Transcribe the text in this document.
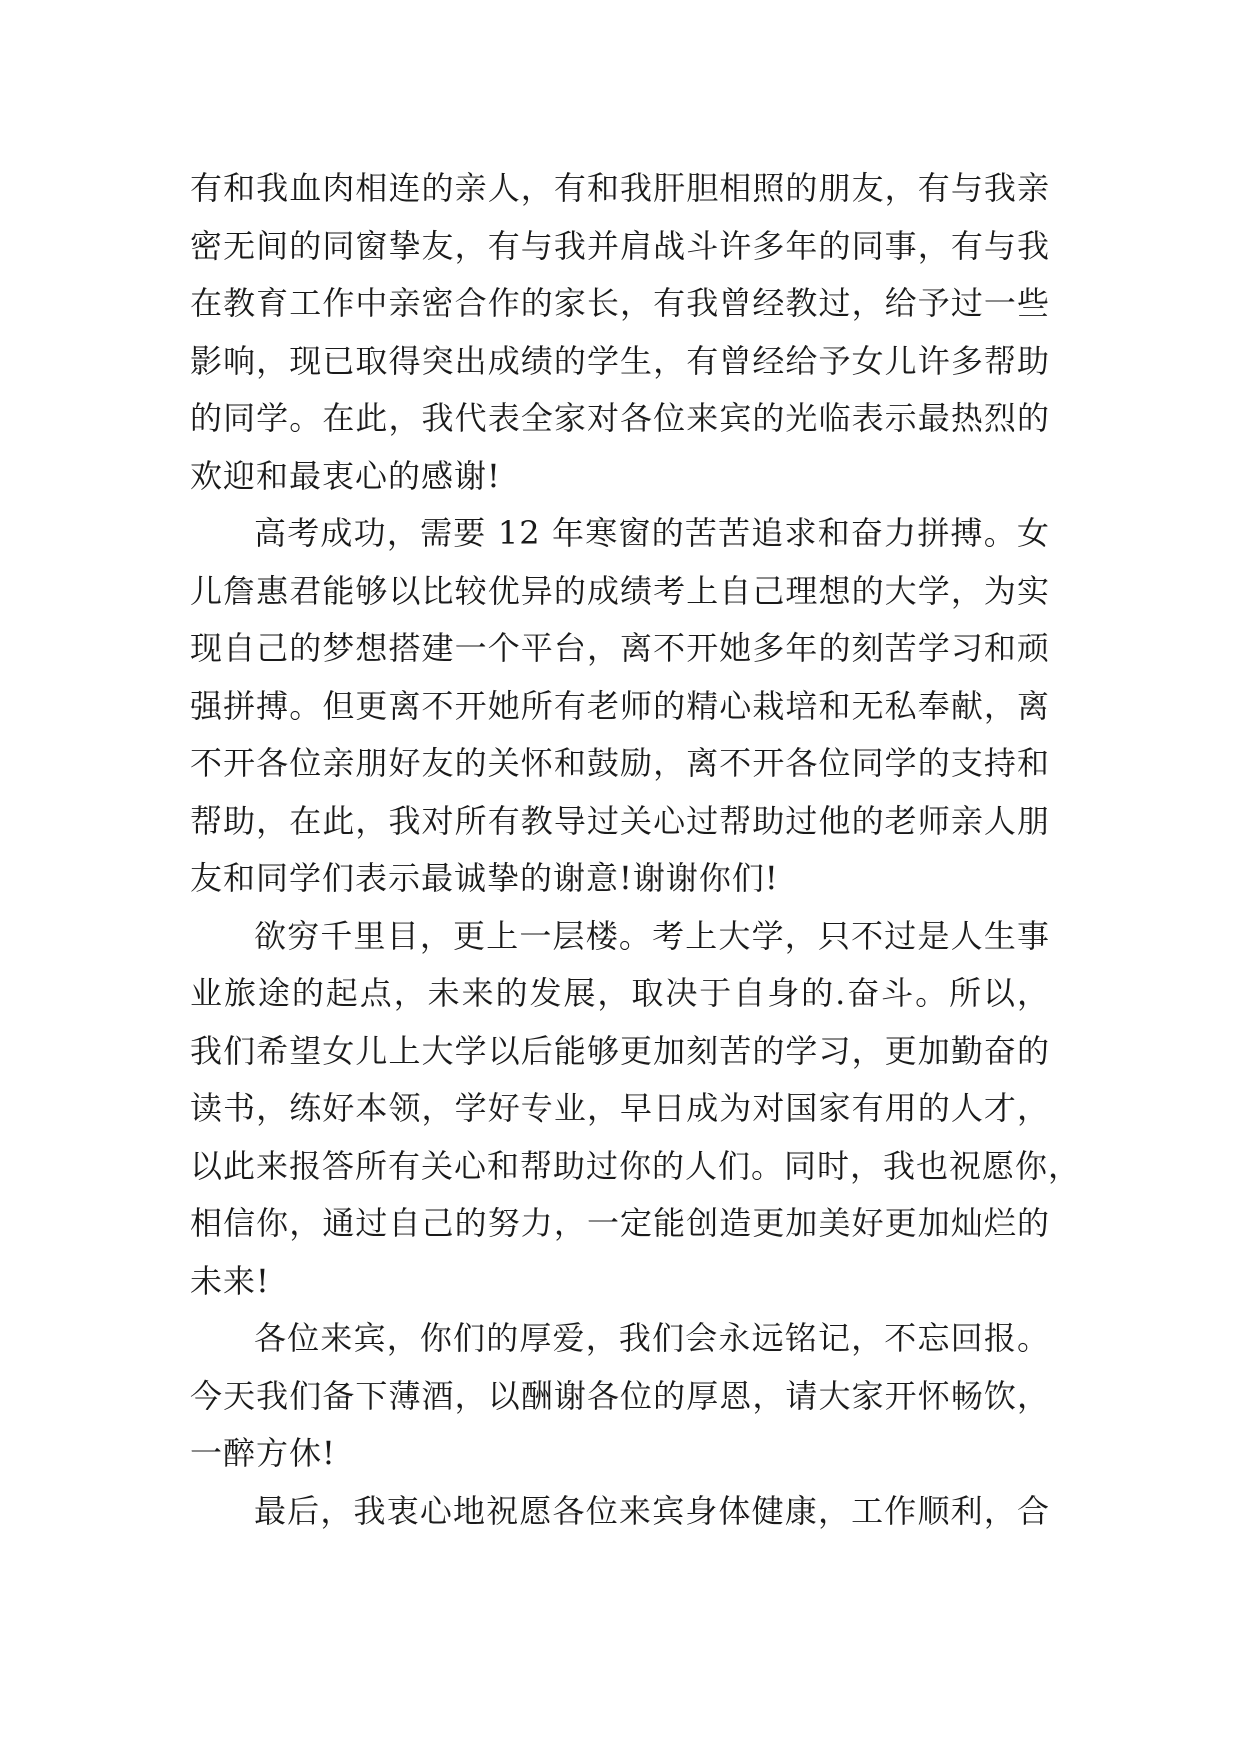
有和我血肉相连的亲人，有和我肝胆相照的朋友，有与我亲
密无间的同窗挚友，有与我并肩战斗许多年的同事，有与我
在教育工作中亲密合作的家长，有我曾经教过，给予过一些
影响，现已取得突出成绩的学生，有曾经给予女儿许多帮助
的同学。在此，我代表全家对各位来宾的光临表示最热烈的
欢迎和最衷心的感谢!
高考成功，需要 12 年寒窗的苦苦追求和奋力拼搏。女
儿詹惠君能够以比较优异的成绩考上自己理想的大学，为实
现自己的梦想搭建一个平台，离不开她多年的刻苦学习和顽
强拼搏。但更离不开她所有老师的精心栽培和无私奉献，离
不开各位亲朋好友的关怀和鼓励，离不开各位同学的支持和
帮助，在此，我对所有教导过关心过帮助过他的老师亲人朋
友和同学们表示最诚挚的谢意!谢谢你们!
欲穷千里目，更上一层楼。考上大学，只不过是人生事
业旅途的起点，未来的发展，取决于自身的.奋斗。所以，
我们希望女儿上大学以后能够更加刻苦的学习，更加勤奋的
读书，练好本领，学好专业，早日成为对国家有用的人才，
以此来报答所有关心和帮助过你的人们。同时，我也祝愿你，
相信你，通过自己的努力，一定能创造更加美好更加灿烂的
未来!
各位来宾，你们的厚爱，我们会永远铭记，不忘回报。
今天我们备下薄酒，以酬谢各位的厚恩，请大家开怀畅饮，
一醉方休!
最后，我衷心地祝愿各位来宾身体健康，工作顺利，合
